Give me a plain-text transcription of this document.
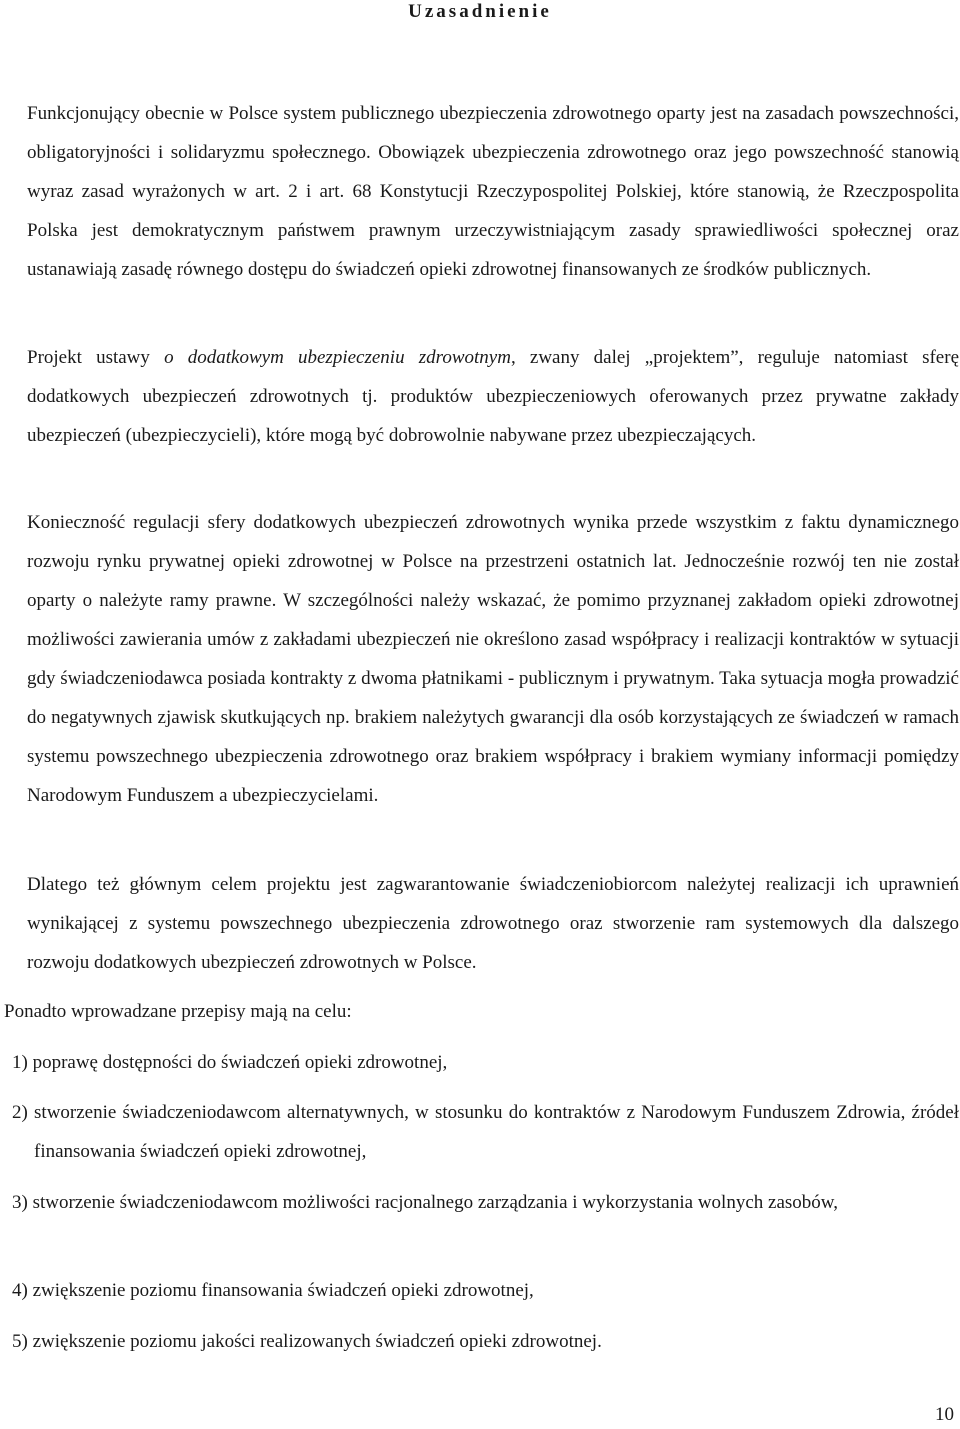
Uzasadnienie

Funkcjonujący obecnie w Polsce system publicznego ubezpieczenia zdrowotnego oparty jest na zasadach powszechności, obligatoryjności i solidaryzmu społecznego. Obowiązek ubezpieczenia zdrowotnego oraz jego powszechność stanowią wyraz zasad wyrażonych w art. 2 i art. 68 Konstytucji Rzeczypospolitej Polskiej, które stanowią, że Rzeczpospolita Polska jest demokratycznym państwem prawnym urzeczywistniającym zasady sprawiedliwości społecznej oraz ustanawiają zasadę równego dostępu do świadczeń opieki zdrowotnej finansowanych ze środków publicznych.

Projekt ustawy o dodatkowym ubezpieczeniu zdrowotnym, zwany dalej „projektem”, reguluje natomiast sferę dodatkowych ubezpieczeń zdrowotnych tj. produktów ubezpieczeniowych oferowanych przez prywatne zakłady ubezpieczeń (ubezpieczycieli), które mogą być dobrowolnie nabywane przez ubezpieczających.

Konieczność regulacji sfery dodatkowych ubezpieczeń zdrowotnych wynika przede wszystkim z faktu dynamicznego rozwoju rynku prywatnej opieki zdrowotnej w Polsce na przestrzeni ostatnich lat. Jednocześnie rozwój ten nie został oparty o należyte ramy prawne. W szczególności należy wskazać, że pomimo przyznanej zakładom opieki zdrowotnej możliwości zawierania umów z zakładami ubezpieczeń nie określono zasad współpracy i realizacji kontraktów w sytuacji gdy świadczeniodawca posiada kontrakty z dwoma płatnikami - publicznym i prywatnym. Taka sytuacja mogła prowadzić do negatywnych zjawisk skutkujących np. brakiem należytych gwarancji dla osób korzystających ze świadczeń w ramach systemu powszechnego ubezpieczenia zdrowotnego oraz brakiem współpracy i brakiem wymiany informacji pomiędzy Narodowym Funduszem a ubezpieczycielami.

Dlatego też głównym celem projektu jest zagwarantowanie świadczeniobiorcom należytej realizacji ich uprawnień wynikającej z systemu powszechnego ubezpieczenia zdrowotnego oraz stworzenie ram systemowych dla dalszego rozwoju dodatkowych ubezpieczeń zdrowotnych w Polsce.

Ponadto wprowadzane przepisy mają na celu:

1) poprawę dostępności do świadczeń opieki zdrowotnej,
2) stworzenie świadczeniodawcom alternatywnych, w stosunku do kontraktów z Narodowym Funduszem Zdrowia, źródeł finansowania świadczeń opieki zdrowotnej,
3) stworzenie świadczeniodawcom możliwości racjonalnego zarządzania i wykorzystania wolnych zasobów,
4) zwiększenie poziomu finansowania świadczeń opieki zdrowotnej,
5) zwiększenie poziomu jakości realizowanych świadczeń opieki zdrowotnej.
10
